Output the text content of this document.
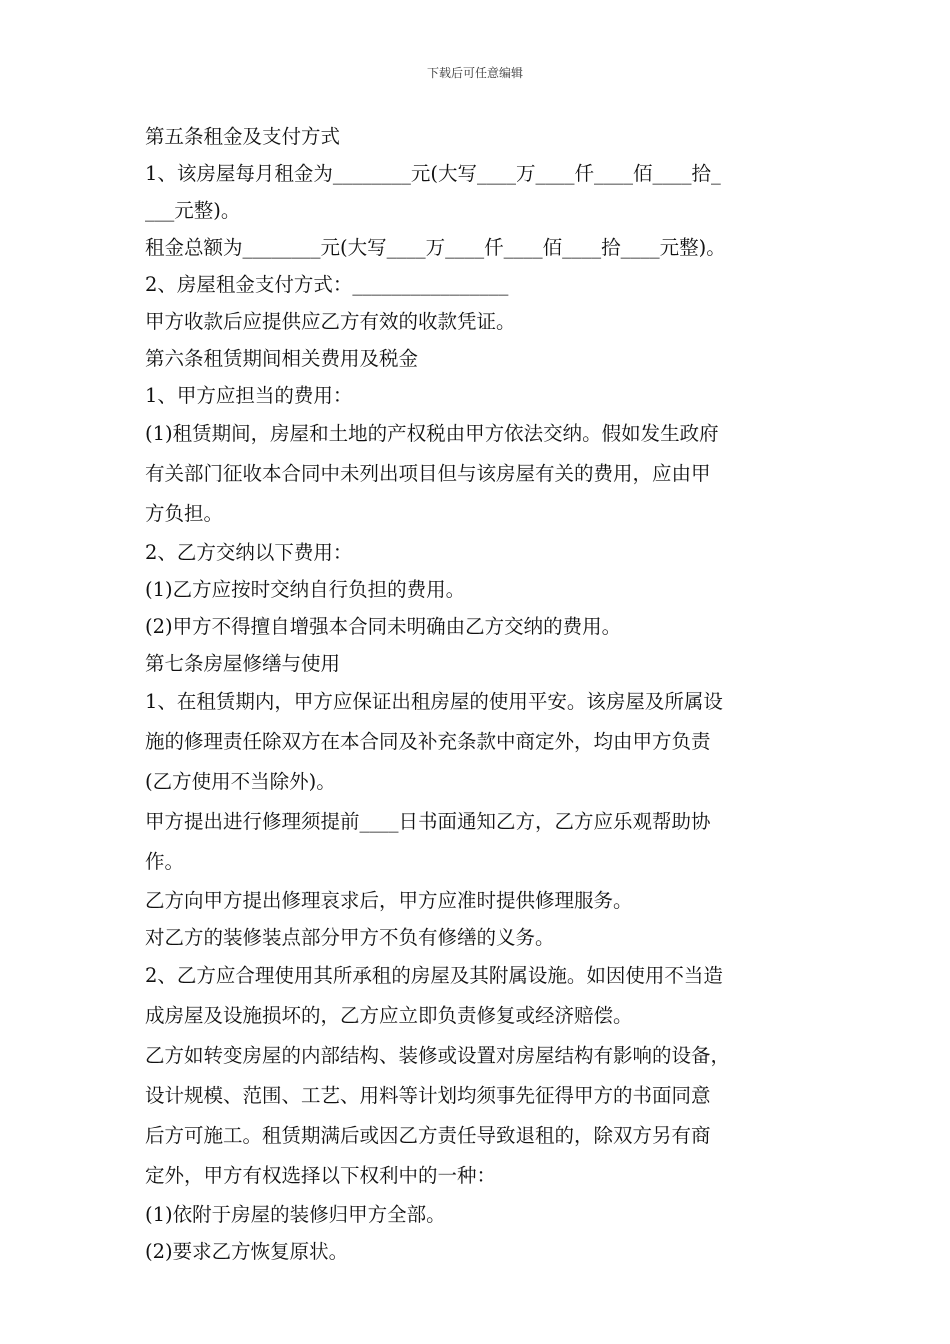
下载后可任意编辑
第五条租金及支付方式
1、该房屋每月租金为________元(大写____万____仟____佰____拾_
___元整)。
租金总额为________元(大写____万____仟____佰____拾____元整)。
2、房屋租金支付方式：________________
甲方收款后应提供应乙方有效的收款凭证。
第六条租赁期间相关费用及税金
1、甲方应担当的费用：
(1)租赁期间，房屋和土地的产权税由甲方依法交纳。假如发生政府
有关部门征收本合同中未列出项目但与该房屋有关的费用，应由甲
方负担。
2、乙方交纳以下费用：
(1)乙方应按时交纳自行负担的费用。
(2)甲方不得擅自增强本合同未明确由乙方交纳的费用。
第七条房屋修缮与使用
1、在租赁期内，甲方应保证出租房屋的使用平安。该房屋及所属设
施的修理责任除双方在本合同及补充条款中商定外，均由甲方负责
(乙方使用不当除外)。
甲方提出进行修理须提前____日书面通知乙方，乙方应乐观帮助协
作。
乙方向甲方提出修理哀求后，甲方应准时提供修理服务。
对乙方的装修装点部分甲方不负有修缮的义务。
2、乙方应合理使用其所承租的房屋及其附属设施。如因使用不当造
成房屋及设施损坏的，乙方应立即负责修复或经济赔偿。
乙方如转变房屋的内部结构、装修或设置对房屋结构有影响的设备，
设计规模、范围、工艺、用料等计划均须事先征得甲方的书面同意
后方可施工。租赁期满后或因乙方责任导致退租的，除双方另有商
定外，甲方有权选择以下权利中的一种：
(1)依附于房屋的装修归甲方全部。
(2)要求乙方恢复原状。
